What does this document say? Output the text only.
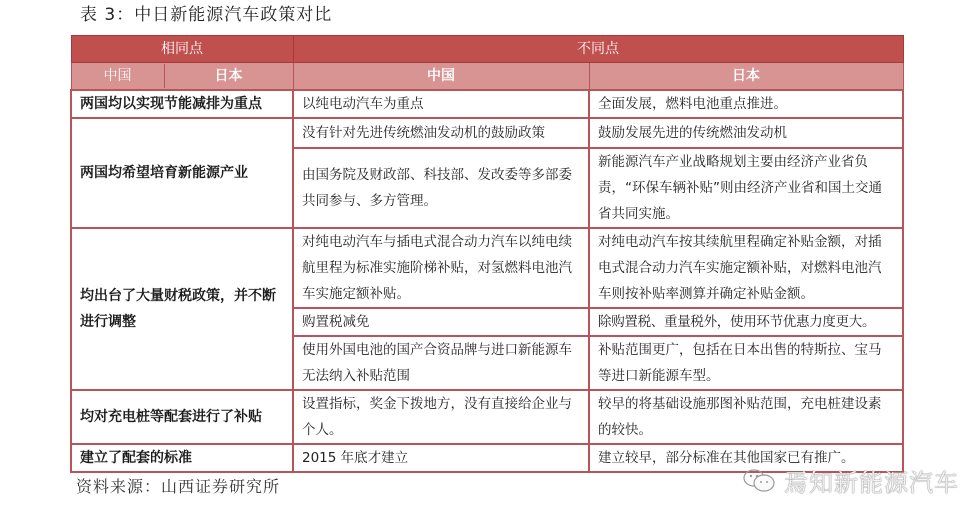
表 3：中日新能源汽车政策对比
相同点	不同点	

中国 日本	中国	日本
两国均以实现节能减排为重点	以纯电动汽车为重点	全面发展，燃料电池重点推进。
两国均希望培育新能源产业	没有针对先进传统燃油发动机的鼓励政策	鼓励发展先进的传统燃油发动机
	由国务院及财政部、科技部、发改委等多部委共同参与、多方管理。	新能源汽车产业战略规划主要由经济产业省负责，“环保车辆补贴”则由经济产业省和国土交通省共同实施。
均出台了大量财税政策，并不断进行调整	对纯电动汽车与插电式混合动力汽车以纯电续航里程为标准实施阶梯补贴，对氢燃料电池汽车实施定额补贴。	对纯电动汽车按其续航里程确定补贴金额，对插电式混合动力汽车实施定额补贴，对燃料电池汽车则按补贴率测算并确定补贴金额。
	购置税减免	除购置税、重量税外，使用环节优惠力度更大。
	使用外国电池的国产合资品牌与进口新能源车无法纳入补贴范围	补贴范围更广，包括在日本出售的特斯拉、宝马等进口新能源车型。
均对充电桩等配套进行了补贴	设置指标，奖金下拨地方，没有直接给企业与个人。	较早的将基础设施那图补贴范围，充电桩建设素的较快。
建立了配套的标准	2015 年底才建立	建立较早，部分标准在其他国家已有推广。
资料来源：山西证券研究所	焉知新能源汽车
